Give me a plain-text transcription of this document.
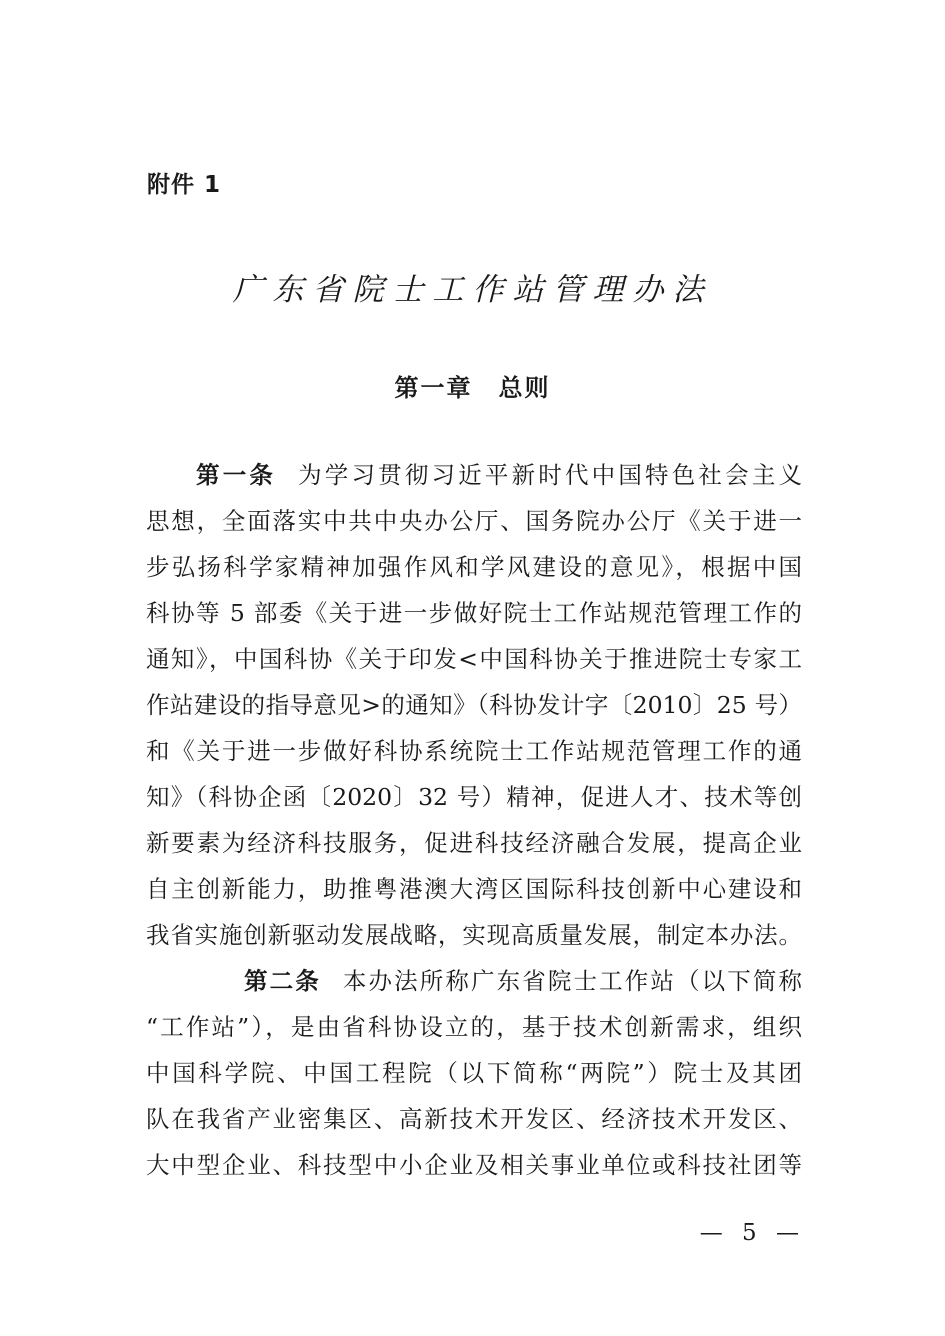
附件 1
广东省院士工作站管理办法
第一章　总则
第一条 为学习贯彻习近平新时代中国特色社会主义
思想，全面落实中共中央办公厅、国务院办公厅《关于进一
步弘扬科学家精神加强作风和学风建设的意见》，根据中国
科协等 5 部委《关于进一步做好院士工作站规范管理工作的
通知》，中国科协《关于印发<中国科协关于推进院士专家工
作站建设的指导意见>的通知》（科协发计字〔2010〕25 号）
和《关于进一步做好科协系统院士工作站规范管理工作的通
知》（科协企函〔2020〕32 号）精神，促进人才、技术等创
新要素为经济科技服务，促进科技经济融合发展，提高企业
自主创新能力，助推粤港澳大湾区国际科技创新中心建设和
我省实施创新驱动发展战略，实现高质量发展，制定本办法。
第二条 本办法所称广东省院士工作站（以下简称
“工作站”），是由省科协设立的，基于技术创新需求，组织
中国科学院、中国工程院（以下简称“两院”）院士及其团
队在我省产业密集区、高新技术开发区、经济技术开发区、
大中型企业、科技型中小企业及相关事业单位或科技社团等
— 5 —
